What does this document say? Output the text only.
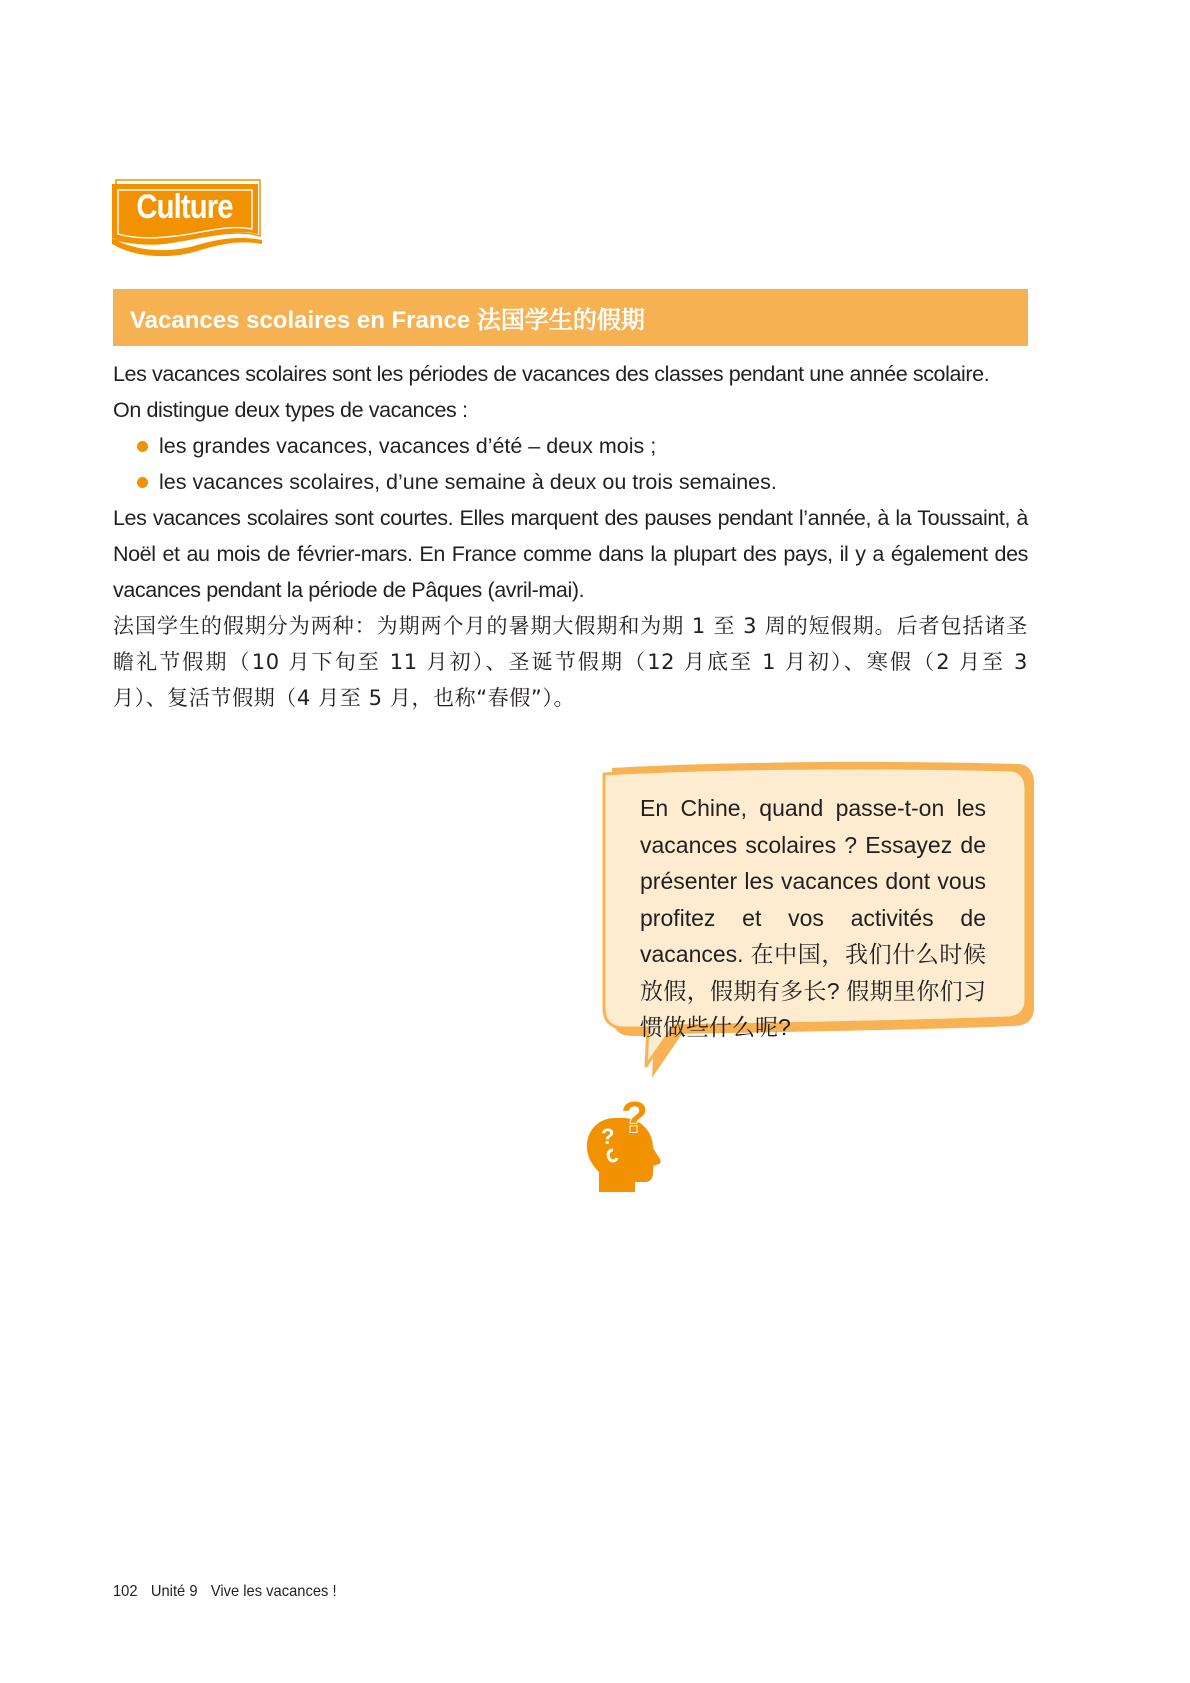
Culture
Vacances scolaires en France 法国学生的假期

Les vacances scolaires sont les périodes de vacances des classes pendant une année scolaire.

On distingue deux types de vacances :

les grandes vacances, vacances d’été – deux mois ;

les vacances scolaires, d’une semaine à deux ou trois semaines.

Les vacances scolaires sont courtes. Elles marquent des pauses pendant l’année, à la Toussaint, à Noël et au mois de février-mars. En France comme dans la plupart des pays, il y a également des vacances pendant la période de Pâques (avril-mai).

法国学生的假期分为两种：为期两个月的暑期大假期和为期 1 至 3 周的短假期。后者包括诸圣瞻礼节假期（10 月下旬至 11 月初）、圣诞节假期（12 月底至 1 月初）、寒假（2 月至 3 月）、复活节假期（4 月至 5 月，也称“春假”）。

En Chine, quand passe-t-on les vacances scolaires ? Essayez de présenter les vacances dont vous profitez et vos activités de vacances. 在中国，我们什么时候放假，假期有多长? 假期里你们习惯做些什么呢?
? ?
102 Unité 9 Vive les vacances !
